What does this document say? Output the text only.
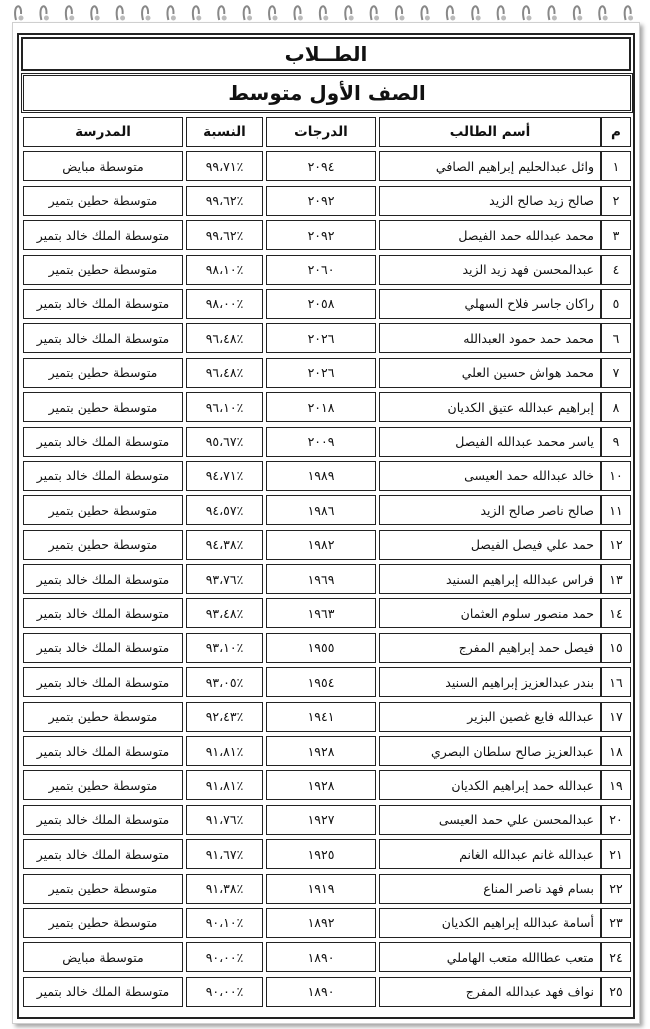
الطــلاب
الصف الأول متوسط
م
أسم الطالب
الدرجات
النسبة
المدرسة
١
وائل عبدالحليم إبراهيم الصافي
٢٠٩٤
٪٩٩،٧١
متوسطة مبايض
٢
صالح زيد صالح الزيد
٢٠٩٢
٪٩٩،٦٢
متوسطة حطين بتمير
٣
محمد عبدالله حمد الفيصل
٢٠٩٢
٪٩٩،٦٢
متوسطة الملك خالد بتمير
٤
عبدالمحسن فهد زيد الزيد
٢٠٦٠
٪٩٨،١٠
متوسطة حطين بتمير
٥
راكان جاسر فلاح السهلي
٢٠٥٨
٪٩٨،٠٠
متوسطة الملك خالد بتمير
٦
محمد حمد حمود العبدالله
٢٠٢٦
٪٩٦،٤٨
متوسطة الملك خالد بتمير
٧
محمد هواش حسين العلي
٢٠٢٦
٪٩٦،٤٨
متوسطة حطين بتمير
٨
إبراهيم عبدالله عتيق الكديان
٢٠١٨
٪٩٦،١٠
متوسطة حطين بتمير
٩
ياسر محمد عبدالله الفيصل
٢٠٠٩
٪٩٥،٦٧
متوسطة الملك خالد بتمير
١٠
خالد عبدالله حمد العيسى
١٩٨٩
٪٩٤،٧١
متوسطة الملك خالد بتمير
١١
صالح ناصر صالح الزيد
١٩٨٦
٪٩٤،٥٧
متوسطة حطين بتمير
١٢
حمد علي فيصل الفيصل
١٩٨٢
٪٩٤،٣٨
متوسطة حطين بتمير
١٣
فراس عبدالله إبراهيم السنيد
١٩٦٩
٪٩٣،٧٦
متوسطة الملك خالد بتمير
١٤
حمد منصور سلوم العثمان
١٩٦٣
٪٩٣،٤٨
متوسطة الملك خالد بتمير
١٥
فيصل حمد إبراهيم المفرج
١٩٥٥
٪٩٣،١٠
متوسطة الملك خالد بتمير
١٦
بندر عبدالعزيز إبراهيم السنيد
١٩٥٤
٪٩٣،٠٥
متوسطة الملك خالد بتمير
١٧
عبدالله فايع غصين البزير
١٩٤١
٪٩٢،٤٣
متوسطة حطين بتمير
١٨
عبدالعزيز صالح سلطان البصري
١٩٢٨
٪٩١،٨١
متوسطة الملك خالد بتمير
١٩
عبدالله حمد إبراهيم الكديان
١٩٢٨
٪٩١،٨١
متوسطة حطين بتمير
٢٠
عبدالمحسن علي حمد العيسى
١٩٢٧
٪٩١،٧٦
متوسطة الملك خالد بتمير
٢١
عبدالله غانم عبدالله الغانم
١٩٢٥
٪٩١،٦٧
متوسطة الملك خالد بتمير
٢٢
بسام فهد ناصر المناع
١٩١٩
٪٩١،٣٨
متوسطة حطين بتمير
٢٣
أسامة عبدالله إبراهيم الكديان
١٨٩٢
٪٩٠،١٠
متوسطة حطين بتمير
٢٤
متعب عطاالله متعب الهاملي
١٨٩٠
٪٩٠،٠٠
متوسطة مبايض
٢٥
نواف فهد عبدالله المفرج
١٨٩٠
٪٩٠،٠٠
متوسطة الملك خالد بتمير
